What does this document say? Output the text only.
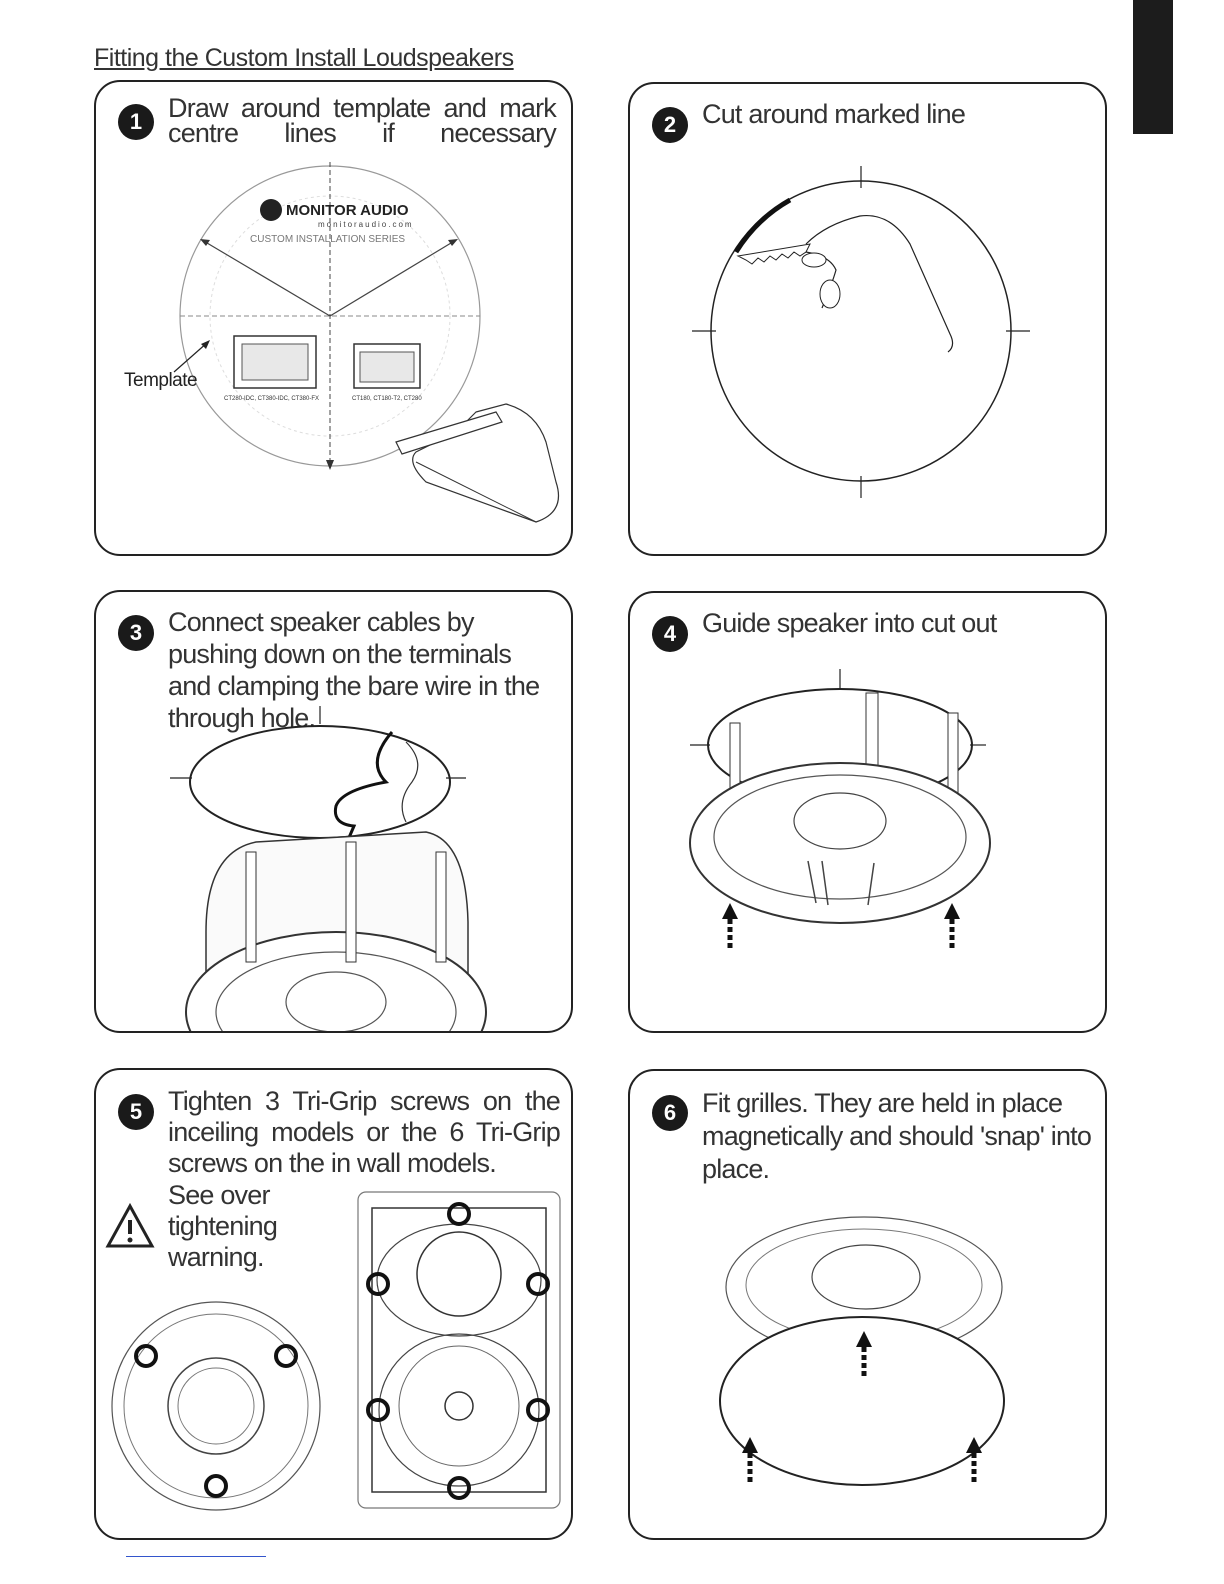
Fitting the Custom Install Loudspeakers
1 Draw around template and mark centre lines if necessary
MONITOR AUDIO
monitoraudio.com
CUSTOM INSTALLATION SERIES
CT280-IDC, CT380-IDC, CT380-FX	CT180, CT180-T2, CT280
Template
2 Cut around marked line
3 Connect speaker cables by pushing down on the terminals and clamping the bare wire in the through hole.
4 Guide speaker into cut out
5 Tighten 3 Tri-Grip screws on the inceiling models or the 6 Tri-Grip screws on the in wall models.
See over
tightening
warning.
6 Fit grilles. They are held in place magnetically and should 'snap' into place.
